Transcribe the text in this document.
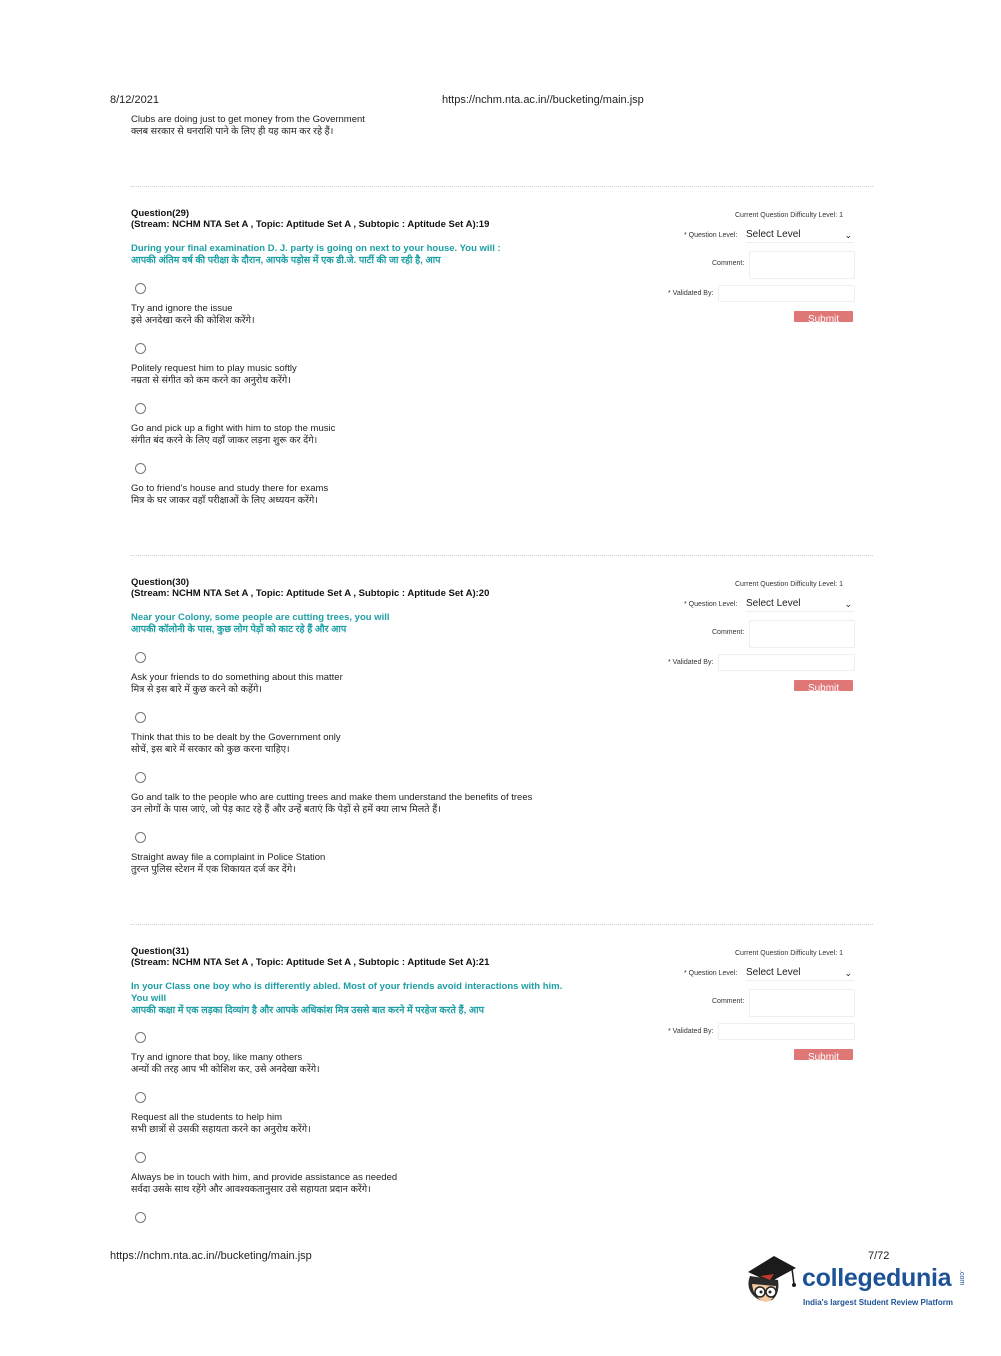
8/12/2021	https://nchm.nta.ac.in//bucketing/main.jsp
Clubs are doing just to get money from the Government
क्लब सरकार से धनराशि पाने के लिए ही यह काम कर रहे हैं।
Question(29)
(Stream: NCHM NTA Set A , Topic: Aptitude Set A , Subtopic : Aptitude Set A):19
During your final examination D. J. party is going on next to your house. You will :
आपकी अंतिम वर्ष की परीक्षा के दौरान, आपके पड़ोस में एक डी.जे. पार्टी की जा रही है, आप
Try and ignore the issue
इसे अनदेखा करने की कोशिश करेंगे।
Politely request him to play music softly
नम्रता से संगीत को कम करने का अनुरोध करेंगे।
Go and pick up a fight with him to stop the music
संगीत बंद करने के लिए वहाँ जाकर लड़ना शुरू कर देंगे।
Go to friend's house and study there for exams
मित्र के घर जाकर वहाँ परीक्षाओं के लिए अध्ययन करेंगे।
Current Question Difficulty Level: 1
* Question Level: Select Level	⌄
Comment:
* Validated By:
Submit
Question(30)
(Stream: NCHM NTA Set A , Topic: Aptitude Set A , Subtopic : Aptitude Set A):20
Near your Colony, some people are cutting trees, you will
आपकी कॉलोनी के पास, कुछ लोग पेड़ों को काट रहे हैं और आप
Ask your friends to do something about this matter
मित्र से इस बारे में कुछ करने को कहेंगे।
Think that this to be dealt by the Government only
सोचें, इस बारे में सरकार को कुछ करना चाहिए।
Go and talk to the people who are cutting trees and make them understand the benefits of trees
उन लोगों के पास जाएं, जो पेड़ काट रहे हैं और उन्हें बताएं कि पेड़ों से हमें क्या लाभ मिलते हैं।
Straight away file a complaint in Police Station
तुरन्त पुलिस स्टेशन में एक शिकायत दर्ज कर देंगे।
Current Question Difficulty Level: 1
* Question Level: Select Level	⌄
Comment:
* Validated By:
Submit
Question(31)
(Stream: NCHM NTA Set A , Topic: Aptitude Set A , Subtopic : Aptitude Set A):21
In your Class one boy who is differently abled. Most of your friends avoid interactions with him.
You will
आपकी कक्षा में एक लड़का दिव्यांग है और आपके अधिकांश मित्र उससे बात करने में परहेज करते हैं, आप
Try and ignore that boy, like many others
अन्यों की तरह आप भी कोशिश कर, उसे अनदेखा करेंगे।
Request all the students to help him
सभी छात्रों से उसकी सहायता करने का अनुरोध करेंगे।
Always be in touch with him, and provide assistance as needed
सर्वदा उसके साथ रहेंगे और आवश्यकतानुसार उसे सहायता प्रदान करेंगे।
Current Question Difficulty Level: 1
* Question Level: Select Level	⌄
Comment:
* Validated By:
Submit
https://nchm.nta.ac.in//bucketing/main.jsp	7/72
collegedunia .com
India's largest Student Review Platform
